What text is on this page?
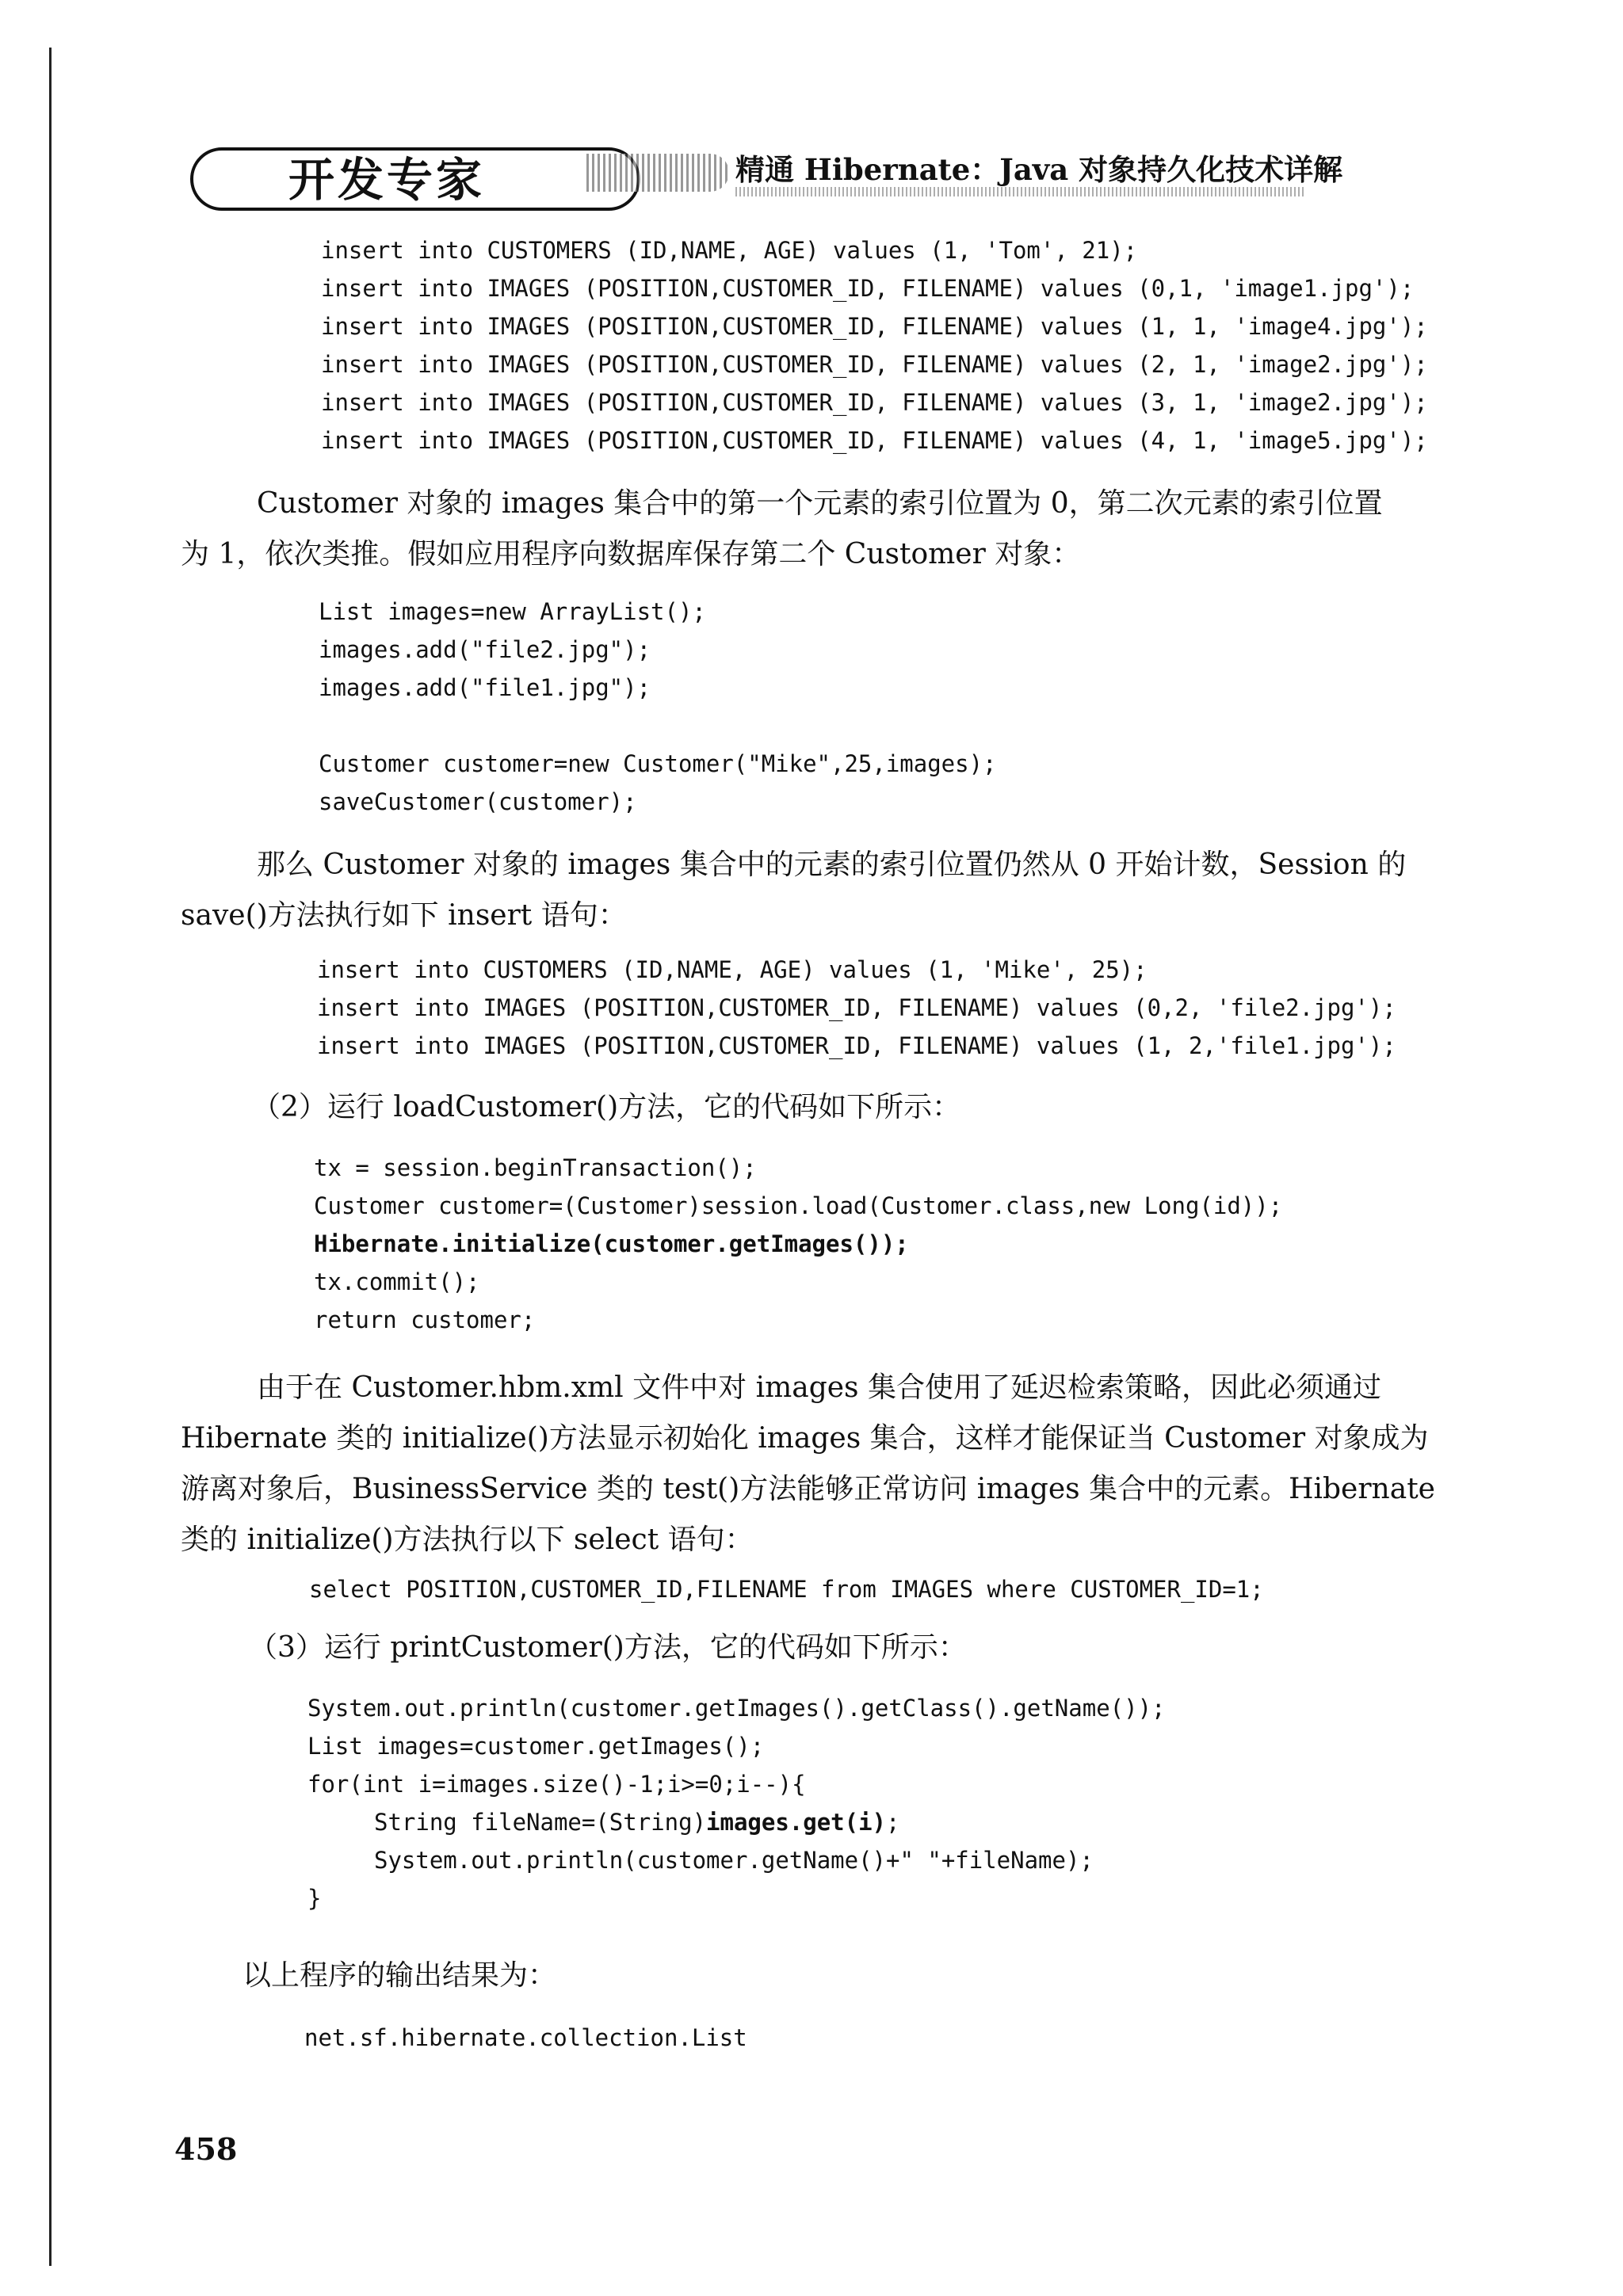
开发专家	精通 Hibernate：Java 对象持久化技术详解
insert into CUSTOMERS (ID,NAME, AGE) values (1, 'Tom', 21);
insert into IMAGES (POSITION,CUSTOMER_ID, FILENAME) values (0,1, 'image1.jpg');
insert into IMAGES (POSITION,CUSTOMER_ID, FILENAME) values (1, 1, 'image4.jpg');
insert into IMAGES (POSITION,CUSTOMER_ID, FILENAME) values (2, 1, 'image2.jpg');
insert into IMAGES (POSITION,CUSTOMER_ID, FILENAME) values (3, 1, 'image2.jpg');
insert into IMAGES (POSITION,CUSTOMER_ID, FILENAME) values (4, 1, 'image5.jpg');
Customer 对象的 images 集合中的第一个元素的索引位置为 0，第二次元素的索引位置
为 1，依次类推。假如应用程序向数据库保存第二个 Customer 对象：
List images=new ArrayList();
images.add("file2.jpg");
images.add("file1.jpg");
Customer customer=new Customer("Mike",25,images);
saveCustomer(customer);
那么 Customer 对象的 images 集合中的元素的索引位置仍然从 0 开始计数，Session 的
save()方法执行如下 insert 语句：
insert into CUSTOMERS (ID,NAME, AGE) values (1, 'Mike', 25);
insert into IMAGES (POSITION,CUSTOMER_ID, FILENAME) values (0,2, 'file2.jpg');
insert into IMAGES (POSITION,CUSTOMER_ID, FILENAME) values (1, 2,'file1.jpg');
（2）运行 loadCustomer()方法，它的代码如下所示：
tx = session.beginTransaction();
Customer customer=(Customer)session.load(Customer.class,new Long(id));
Hibernate.initialize(customer.getImages());
tx.commit();
return customer;
由于在 Customer.hbm.xml 文件中对 images 集合使用了延迟检索策略，因此必须通过
Hibernate 类的 initialize()方法显示初始化 images 集合，这样才能保证当 Customer 对象成为
游离对象后，BusinessService 类的 test()方法能够正常访问 images 集合中的元素。Hibernate
类的 initialize()方法执行以下 select 语句：
select POSITION,CUSTOMER_ID,FILENAME from IMAGES where CUSTOMER_ID=1;
（3）运行 printCustomer()方法，它的代码如下所示：
System.out.println(customer.getImages().getClass().getName());
List images=customer.getImages();
for(int i=images.size()-1;i>=0;i--){
String fileName=(String)images.get(i);
System.out.println(customer.getName()+" "+fileName);
}
以上程序的输出结果为：
net.sf.hibernate.collection.List
458
